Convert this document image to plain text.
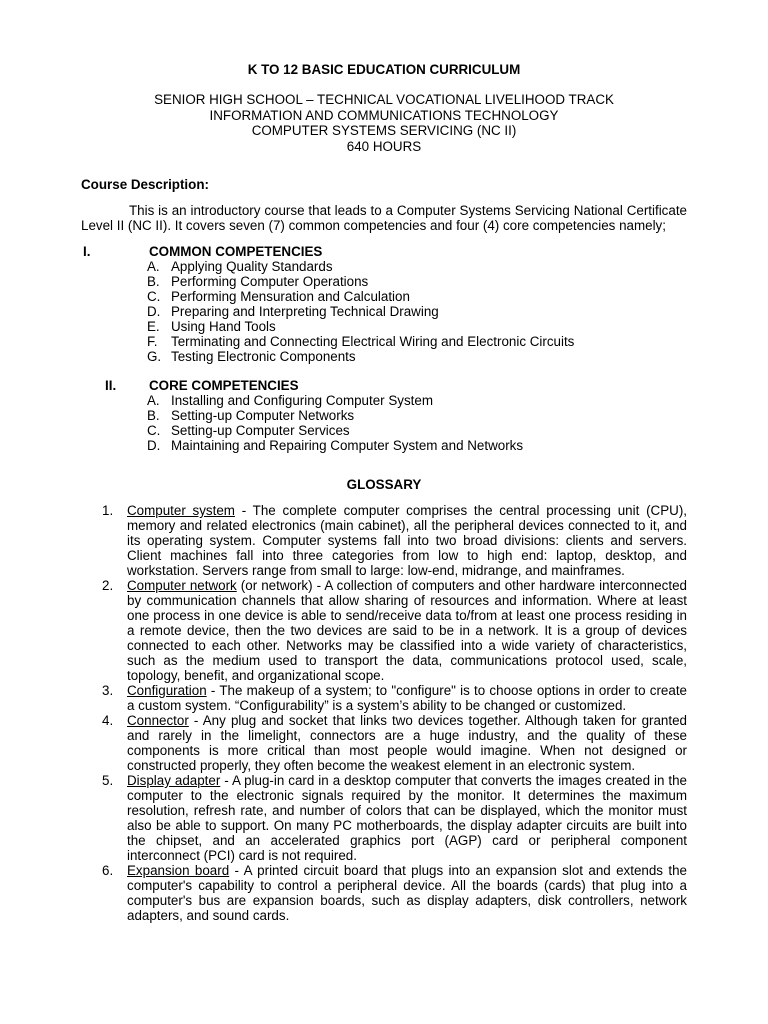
K TO 12 BASIC EDUCATION CURRICULUM
SENIOR HIGH SCHOOL – TECHNICAL VOCATIONAL LIVELIHOOD TRACK
INFORMATION AND COMMUNICATIONS TECHNOLOGY
COMPUTER SYSTEMS SERVICING (NC II)
640 HOURS
Course Description:

This is an introductory course that leads to a Computer Systems Servicing National Certificate Level II (NC II). It covers seven (7) common competencies and four (4) core competencies namely;

I.	COMMON COMPETENCIES
A. Applying Quality Standards
B. Performing Computer Operations
C. Performing Mensuration and Calculation
D. Preparing and Interpreting Technical Drawing
E. Using Hand Tools
F.	Terminating and Connecting Electrical Wiring and Electronic Circuits
G. Testing Electronic Components
II.	CORE COMPETENCIES
A. Installing and Configuring Computer System
B. Setting-up Computer Networks
C. Setting-up Computer Services
D. Maintaining and Repairing Computer System and Networks
GLOSSARY
1.	Computer system - The complete computer comprises the central processing unit (CPU), memory and related electronics (main cabinet), all the peripheral devices connected to it, and its operating system. Computer systems fall into two broad divisions: clients and servers. Client machines fall into three categories from low to high end: laptop, desktop, and workstation. Servers range from small to large: low-end, midrange, and mainframes.
2.	Computer network (or network) - A collection of computers and other hardware interconnected by communication channels that allow sharing of resources and information. Where at least one process in one device is able to send/receive data to/from at least one process residing in a remote device, then the two devices are said to be in a network. It is a group of devices connected to each other. Networks may be classified into a wide variety of characteristics, such as the medium used to transport the data, communications protocol used, scale, topology, benefit, and organizational scope.
3.	Configuration - The makeup of a system; to "configure" is to choose options in order to create a custom system. “Configurability” is a system’s ability to be changed or customized.
4.	Connector - Any plug and socket that links two devices together. Although taken for granted and rarely in the limelight, connectors are a huge industry, and the quality of these components is more critical than most people would imagine. When not designed or constructed properly, they often become the weakest element in an electronic system.
5.	Display adapter - A plug-in card in a desktop computer that converts the images created in the computer to the electronic signals required by the monitor. It determines the maximum resolution, refresh rate, and number of colors that can be displayed, which the monitor must also be able to support. On many PC motherboards, the display adapter circuits are built into the chipset, and an accelerated graphics port (AGP) card or peripheral component interconnect (PCI) card is not required.
6.	Expansion board - A printed circuit board that plugs into an expansion slot and extends the computer's capability to control a peripheral device. All the boards (cards) that plug into a computer's bus are expansion boards, such as display adapters, disk controllers, network adapters, and sound cards.
